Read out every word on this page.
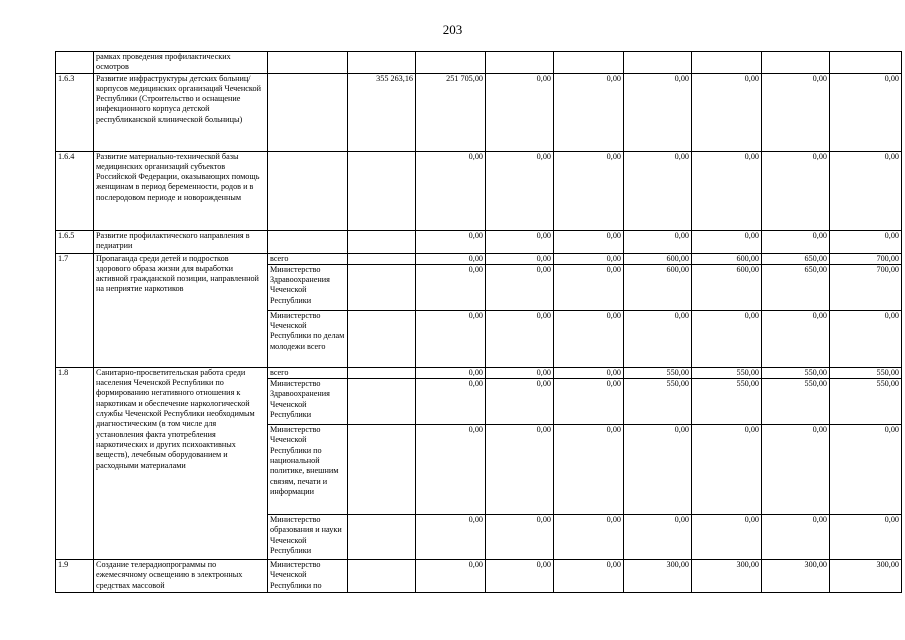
203
	рамках проведения профилактических осмотров									
1.6.3	Развитие инфраструктуры детских больниц/корпусов медицинских организаций Чеченской Республики (Строительство и оснащение инфекционного корпуса детской республиканской клинической больницы)		355 263,16	251 705,00	0,00	0,00	0,00	0,00	0,00	0,00
1.6.4	Развитие материально-технической базы медицинских организаций субъектов Российской Федерации, оказывающих помощь женщинам в период беременности, родов и в послеродовом периоде и новорожденным			0,00	0,00	0,00	0,00	0,00	0,00	0,00
1.6.5	Развитие профилактического направления в педиатрии			0,00	0,00	0,00	0,00	0,00	0,00	0,00
1.7	Пропаганда среди детей и подростков здорового образа жизни для выработки активной гражданской позиции, направленной на неприятие наркотиков	всего		0,00	0,00	0,00	600,00	600,00	650,00	700,00
		Министерство Здравоохранения Чеченской Республики		0,00	0,00	0,00	600,00	600,00	650,00	700,00
		Министерство Чеченской Республики по делам молодежи всего		0,00	0,00	0,00	0,00	0,00	0,00	0,00
1.8	Санитарно-просветительская работа среди населения Чеченской Республики по формированию негативного отношения к наркотикам и обеспечение наркологической службы Чеченской Республики необходимым диагностическим (в том числе для установления факта употребления наркотических и других психоактивных веществ), лечебным оборудованием и расходными материалами	всего		0,00	0,00	0,00	550,00	550,00	550,00	550,00
		Министерство Здравоохранения Чеченской Республики		0,00	0,00	0,00	550,00	550,00	550,00	550,00
		Министерство Чеченской Республики по национальной политике, внешним связям, печати и информации		0,00	0,00	0,00	0,00	0,00	0,00	0,00
		Министерство образования и науки Чеченской Республики		0,00	0,00	0,00	0,00	0,00	0,00	0,00
1.9	Создание телерадиопрограммы по ежемесячному освещению в электронных средствах массовой	Министерство Чеченской Республики по		0,00	0,00	0,00	300,00	300,00	300,00	300,00
